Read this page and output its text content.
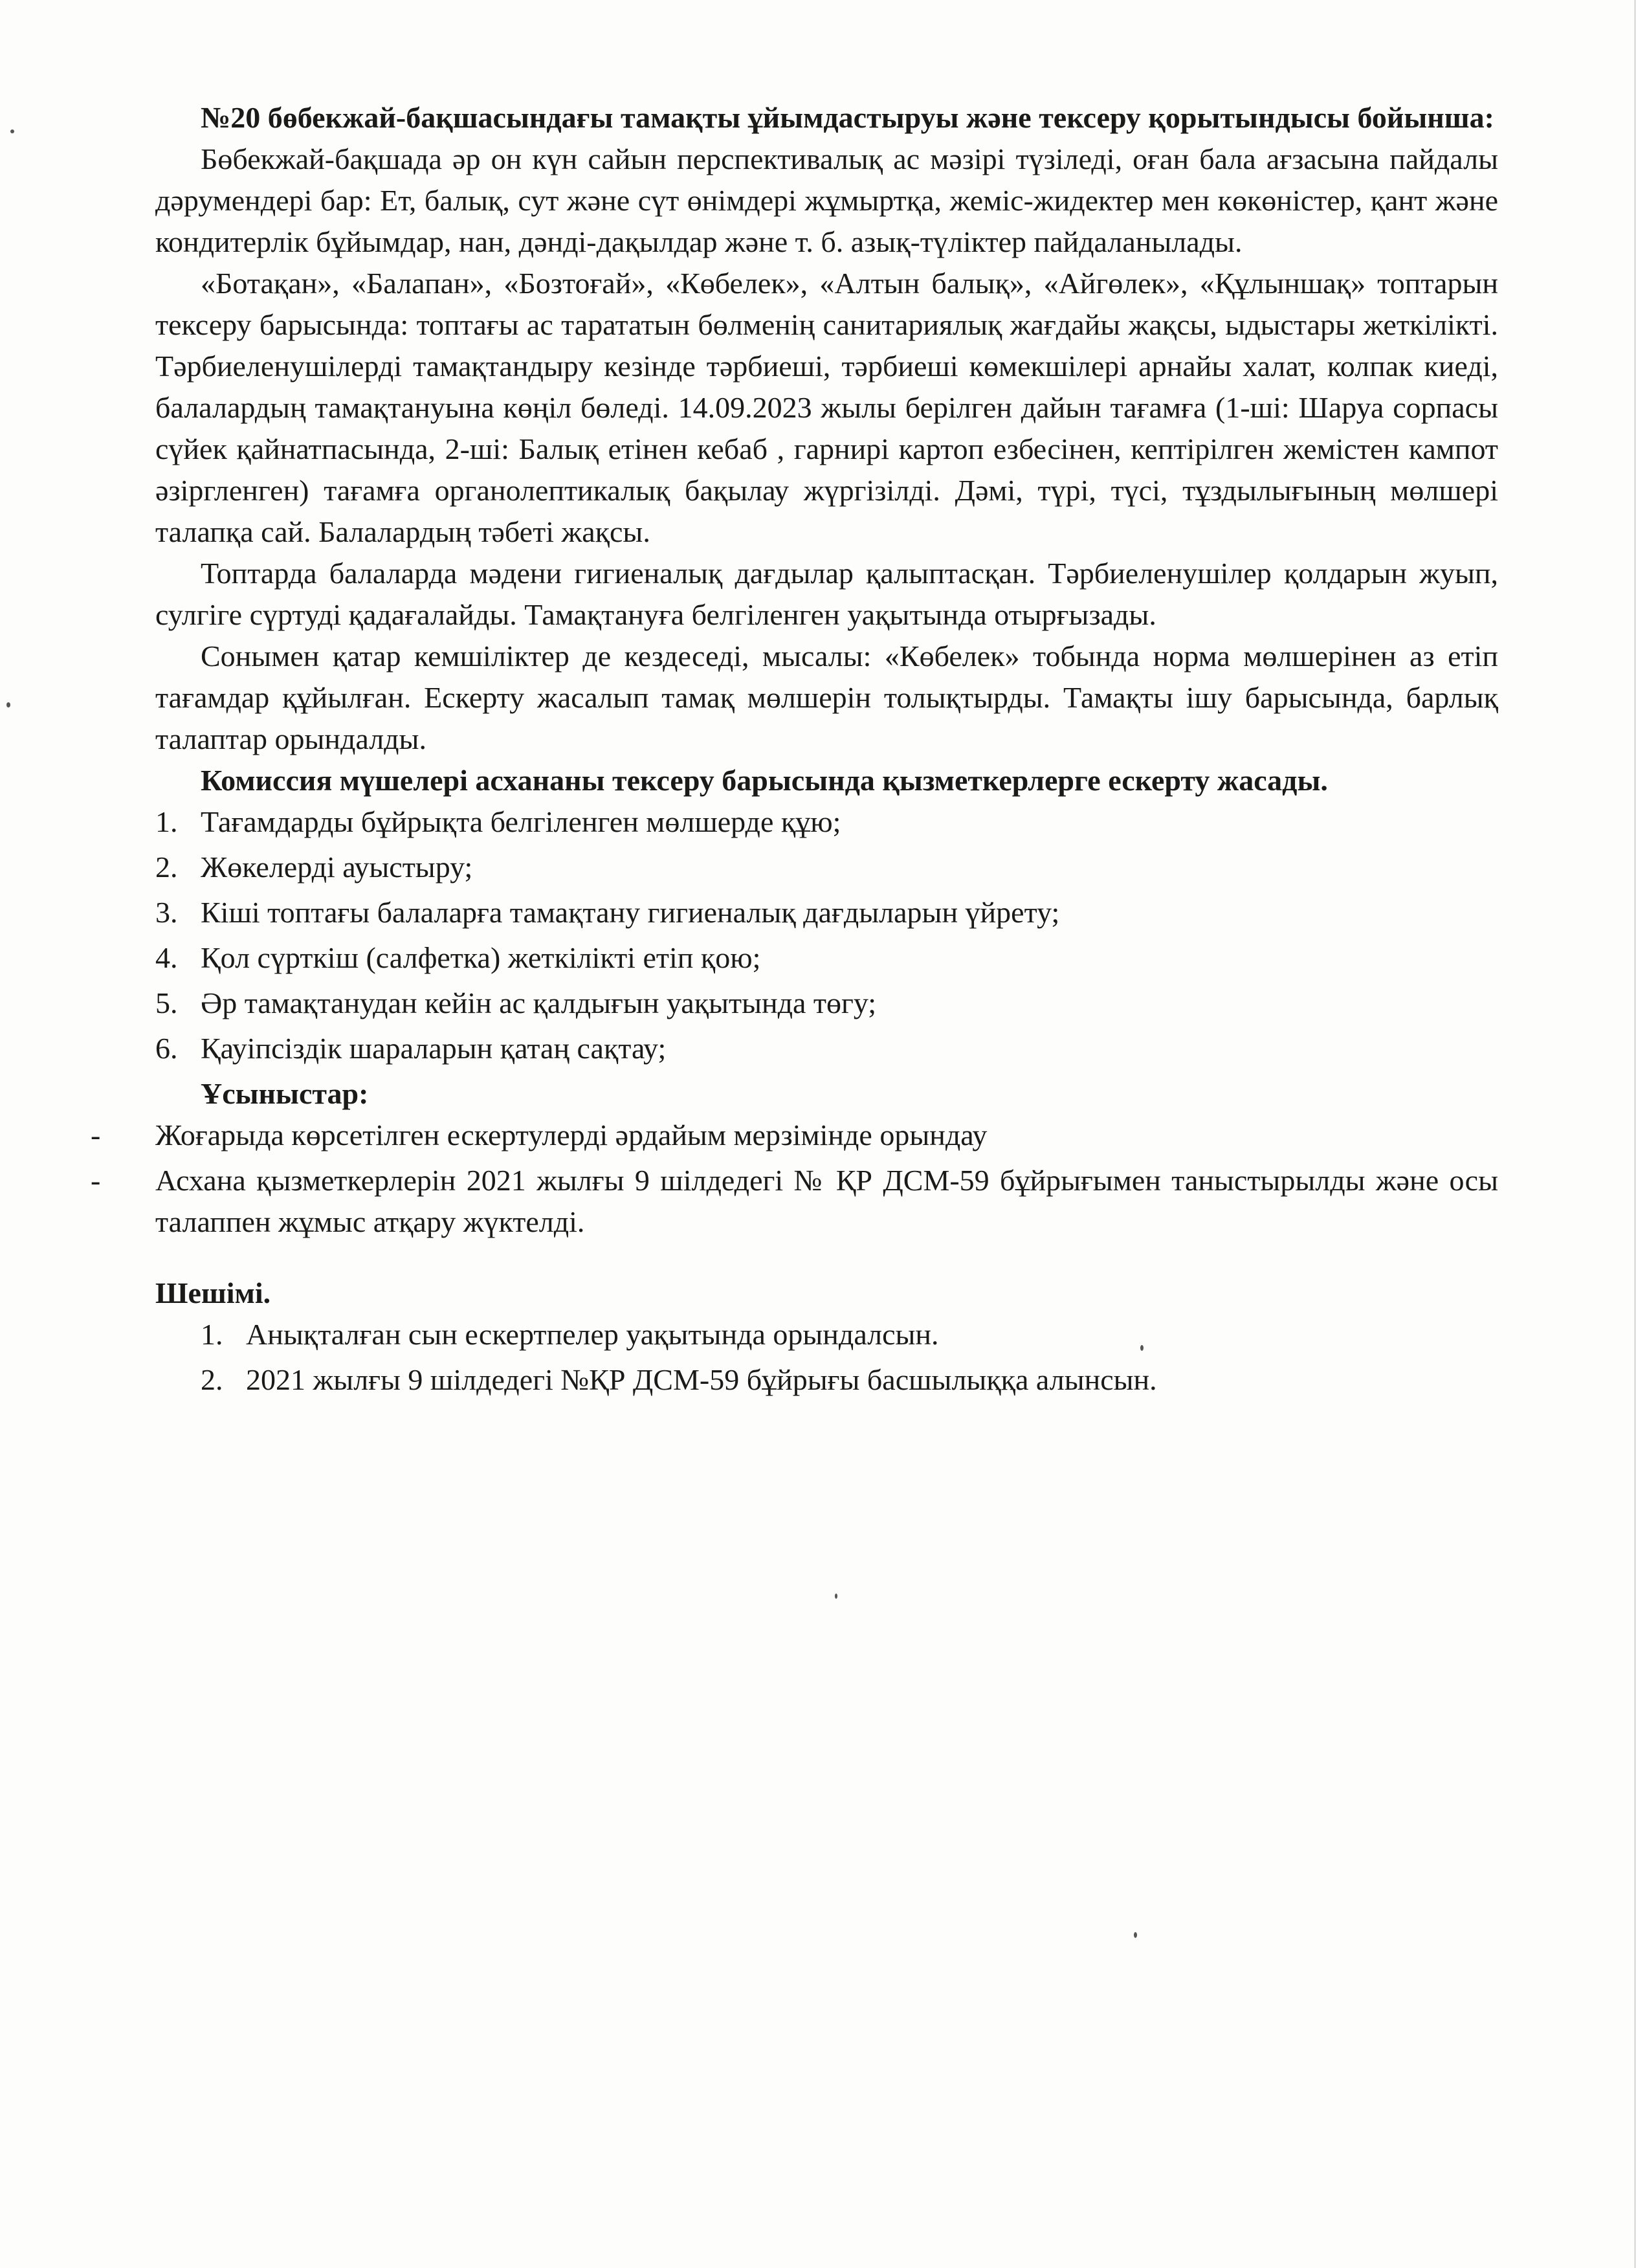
№20 бөбекжай-бақшасындағы тамақты ұйымдастыруы және тексеру қорытындысы бойынша:

Бөбекжай-бақшада әр он күн сайын перспективалық ас мәзірі түзіледі, оған бала ағзасына пайдалы дәрумендері бар: Ет, балық, сут және сүт өнімдері жұмыртқа, жеміс-жидектер мен көкөністер, қант және кондитерлік бұйымдар, нан, дәнді-дақылдар және т. б. азық-түліктер пайдаланылады.

«Ботақан», «Балапан», «Бозтоғай», «Көбелек», «Алтын балық», «Айгөлек», «Құлыншақ» топтарын тексеру барысында: топтағы ас тарататын бөлменің санитариялық жағдайы жақсы, ыдыстары жеткілікті. Тәрбиеленушілерді тамақтандыру кезінде тәрбиеші, тәрбиеші көмекшілері арнайы халат, колпак киеді, балалардың тамақтануына көңіл бөледі. 14.09.2023 жылы берілген дайын тағамға (1-ші: Шаруа сорпасы сүйек қайнатпасында, 2-ші: Балық етінен кебаб , гарнирі картоп езбесінен, кептірілген жемістен кампот әзіргленген) тағамға органолептикалық бақылау жүргізілді. Дәмі, түрі, түсі, тұздылығының мөлшері талапқа сай. Балалардың тәбеті жақсы.

Топтарда балаларда мәдени гигиеналық дағдылар қалыптасқан. Тәрбиеленушілер қолдарын жуып, сулгіге сүртуді қадағалайды. Тамақтануға белгіленген уақытында отырғызады.

Сонымен қатар кемшіліктер де кездеседі, мысалы: «Көбелек» тобында норма мөлшерінен аз етіп тағамдар құйылған. Ескерту жасалып тамақ мөлшерін толықтырды. Тамақты ішу барысында, барлық талаптар орындалды.

Комиссия мүшелері асхананы тексеру барысында қызметкерлерге ескерту жасады.

1. Тағамдарды бұйрықта белгіленген мөлшерде құю;
2. Жөкелерді ауыстыру;
3. Кіші топтағы балаларға тамақтану гигиеналық дағдыларын үйрету;
4. Қол сүрткіш (салфетка) жеткілікті етіп қою;
5. Әр тамақтанудан кейін ас қалдығын уақытында төгу;
6. Қауіпсіздік шараларын қатаң сақтау;

Ұсыныстар:

- Жоғарыда көрсетілген ескертулерді әрдайым мерзімінде орындау
- Асхана қызметкерлерін 2021 жылғы 9 шілдедегі № ҚР ДСМ-59 бұйрығымен таныстырылды және осы талаппен жұмыс атқару жүктелді.

Шешімі.

1. Анықталған сын ескертпелер уақытында орындалсын.
2. 2021 жылғы 9 шілдедегі №ҚР ДСМ-59 бұйрығы басшылыққа алынсын.
